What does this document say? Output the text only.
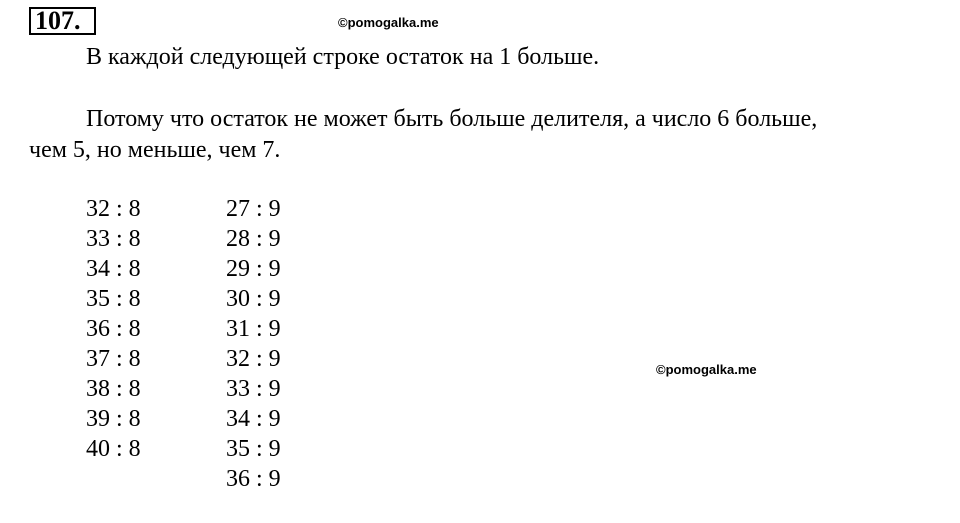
107.	©pomogalka.me
©pomogalka.me
В каждой следующей строке остаток на 1 больше.
Потому что остаток не может быть больше делителя, а число 6 больше,
чем 5, но меньше, чем 7.
32 : 8
33 : 8
34 : 8
35 : 8
36 : 8
37 : 8
38 : 8
39 : 8
40 : 8
27 : 9
28 : 9
29 : 9
30 : 9
31 : 9
32 : 9
33 : 9
34 : 9
35 : 9
36 : 9
